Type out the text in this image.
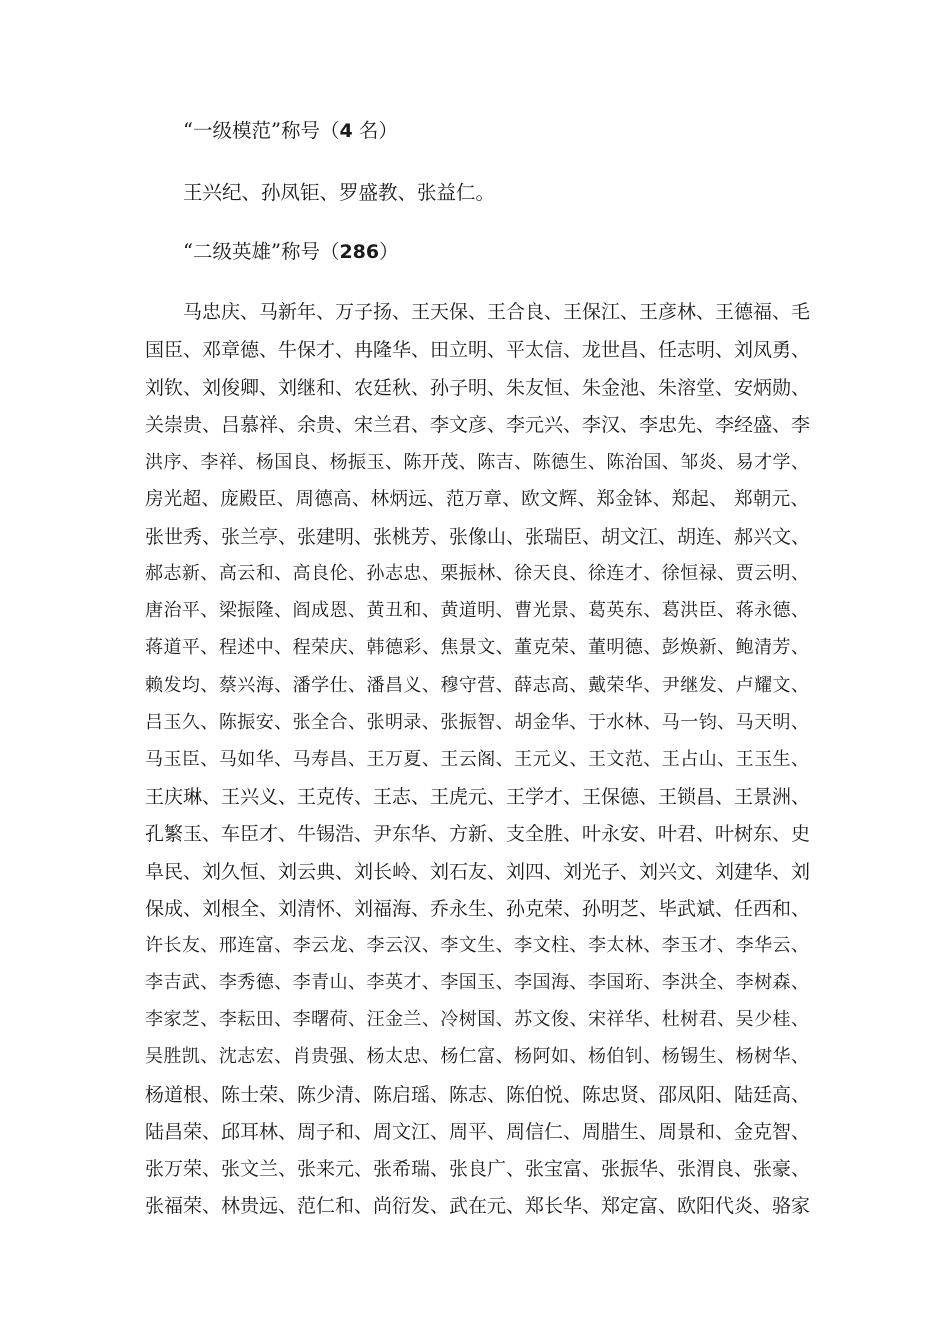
“一级模范”称号（4 名）
王兴纪、孙凤钜、罗盛教、张益仁。
“二级英雄”称号（286）
马忠庆、马新年、万子扬、王天保、王合良、王保江、王彦林、王德福、毛
国臣、邓章德、牛保才、冉隆华、田立明、平太信、龙世昌、任志明、刘凤勇、
刘钦、刘俊卿、刘继和、农廷秋、孙子明、朱友恒、朱金池、朱溶堂、安炳勋、
关崇贵、吕慕祥、余贵、宋兰君、李文彦、李元兴、李汉、李忠先、李经盛、李
洪序、李祥、杨国良、杨振玉、陈开茂、陈吉、陈德生、陈治国、邹炎、易才学、
房光超、庞殿臣、周德高、林炳远、范万章、欧文辉、郑金钵、郑起、 郑朝元、
张世秀、张兰亭、张建明、张桃芳、张像山、张瑞臣、胡文江、胡连、郝兴文、
郝志新、高云和、高良伦、孙志忠、栗振林、徐天良、徐连才、徐恒禄、贾云明、
唐治平、梁振隆、阎成恩、黄丑和、黄道明、曹光景、葛英东、葛洪臣、蒋永德、
蒋道平、程述中、程荣庆、韩德彩、焦景文、董克荣、董明德、彭焕新、鲍清芳、
赖发均、蔡兴海、潘学仕、潘昌义、穆守营、薛志高、戴荣华、尹继发、卢耀文、
吕玉久、陈振安、张全合、张明录、张振智、胡金华、于水林、马一钧、马天明、
马玉臣、马如华、马寿昌、王万夏、王云阁、王元义、王文范、王占山、王玉生、
王庆琳、王兴义、王克传、王志、王虎元、王学才、王保德、王锁昌、王景洲、
孔繁玉、车臣才、牛锡浩、尹东华、方新、支全胜、叶永安、叶君、叶树东、史
阜民、刘久恒、刘云典、刘长岭、刘石友、刘四、刘光子、刘兴文、刘建华、刘
保成、刘根全、刘清怀、刘福海、乔永生、孙克荣、孙明芝、毕武斌、任西和、
许长友、邢连富、李云龙、李云汉、李文生、李文柱、李太林、李玉才、李华云、
李吉武、李秀德、李青山、李英才、李国玉、李国海、李国珩、李洪全、李树森、
李家芝、李耘田、李曙荷、汪金兰、冷树国、苏文俊、宋祥华、杜树君、吴少桂、
吴胜凯、沈志宏、肖贵强、杨太忠、杨仁富、杨阿如、杨伯钊、杨锡生、杨树华、
杨道根、陈士荣、陈少清、陈启瑶、陈志、陈伯悦、陈忠贤、邵凤阳、陆廷高、
陆昌荣、邱耳林、周子和、周文江、周平、周信仁、周腊生、周景和、金克智、
张万荣、张文兰、张来元、张希瑞、张良广、张宝富、张振华、张渭良、张豪、
张福荣、林贵远、范仁和、尚衍发、武在元、郑长华、郑定富、欧阳代炎、骆家
